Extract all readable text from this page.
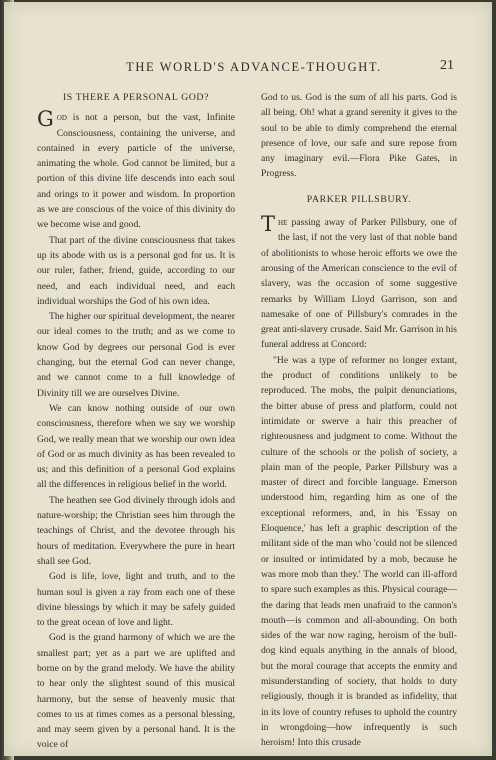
THE WORLD'S ADVANCE-THOUGHT.	21
IS THERE A PERSONAL GOD?

God is not a person, but the vast, Infinite Consciousness, containing the universe, and contained in every particle of the universe, animating the whole. God cannot be limited, but a portion of this divine life descends into each soul and orings to it power and wisdom. In proportion as we are conscious of the voice of this divinity do we become wise and good.

That part of the divine consciousness that takes up its abode with us is a personal god for us. It is our ruler, father, friend, guide, according to our need, and each individual need, and each individual worships the God of his own idea.

The higher our spiritual development, the nearer our ideal comes to the truth; and as we come to know God by degrees our personal God is ever changing, but the eternal God can never change, and we cannot come to a full knowledge of Divinity till we are ourselves Divine.

We can know nothing outside of our own consciousness, therefore when we say we worship God, we really mean that we worship our own idea of God or as much divinity as has been revealed to us; and this definition of a personal God explains all the differences in religious belief in the world.

The heathen see God divinely through idols and nature-worship; the Christian sees him through the teachings of Christ, and the devotee through his hours of meditation. Everywhere the pure in heart shall see God.

God is life, love, light and truth, and to the human soul is given a ray from each one of these divine blessings by which it may be safely guided to the great ocean of love and light.

God is the grand harmony of which we are the smallest part; yet as a part we are uplifted and borne on by the grand melody. We have the ability to hear only the slightest sound of this musical harmony, but the sense of heavenly music that comes to us at times comes as a personal blessing, and may seem given by a personal hand. It is the voice of

God to us. God is the sum of all his parts. God is all being. Oh! what a grand serenity it gives to the soul to be able to dimly comprehend the eternal presence of love, our safe and sure repose from any imaginary evil.—Flora Pike Gates, in Progress.

PARKER PILLSBURY.

The passing away of Parker Pillsbury, one of the last, if not the very last of that noble band of abolitionists to whose heroic efforts we owe the arousing of the American conscience to the evil of slavery, was the occasion of some suggestive remarks by William Lloyd Garrison, son and namesake of one of Pillsbury's comrades in the great anti-slavery crusade. Said Mr. Garrison in his funeral address at Concord:

"He was a type of reformer no longer extant, the product of conditions unlikely to be reproduced. The mobs, the pulpit denunciations, the bitter abuse of press and platform, could not intimidate or swerve a hair this preacher of righteousness and judgment to come. Without the culture of the schools or the polish of society, a plain man of the people, Parker Pillsbury was a master of direct and forcible language. Emerson understood him, regarding him as one of the exceptional reformers, and, in his 'Essay on Eloquence,' has left a graphic description of the militant side of the man who 'could not be silenced or insulted or intimidated by a mob, because he was more mob than they.' The world can ill-afford to spare such examples as this. Physical courage—the daring that leads men unafraid to the cannon's mouth—is common and all-abounding. On both sides of the war now raging, heroism of the bull-dog kind equals anything in the annals of blood, but the moral courage that accepts the enmity and misunderstanding of society, that holds to duty religiously, though it is branded as infidelity, that in its love of country refuses to uphold the country in wrongdoing—how infrequently is such heroism! Into this crusade
